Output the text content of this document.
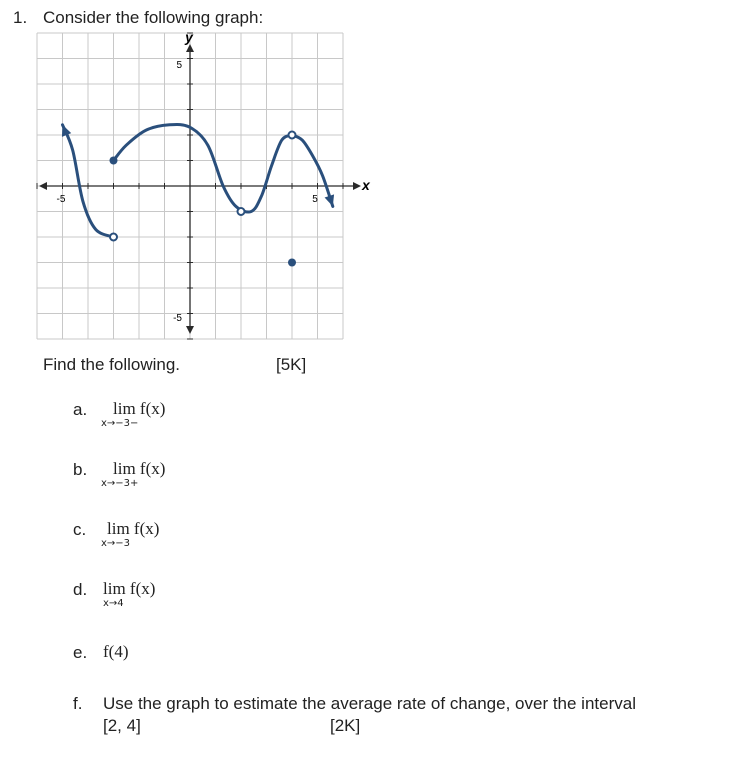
1. Consider the following graph:
y
x
5
-5
-5	5
Find the following.	[5K]
a. lim f(x)
x→−3−
b. lim f(x)
x→−3+
c. lim f(x)
x→−3
d. lim f(x)
x→4
e. f(4)
f. Use the graph to estimate the average rate of change, over the interval
[2, 4]	[2K]
